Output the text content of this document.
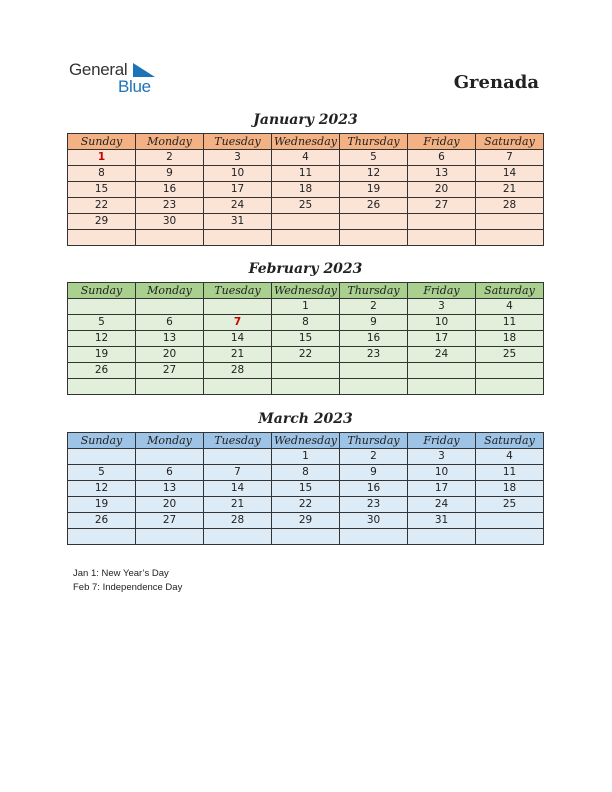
General
Blue	Grenada
January 2023
Sunday	Monday	Tuesday	Wednesday	Thursday	Friday	Saturday
1	2	3	4	5	6	7
8	9	10	11	12	13	14
15	16	17	18	19	20	21
22	23	24	25	26	27	28
29	30	31				

February 2023
Sunday	Monday	Tuesday	Wednesday	Thursday	Friday	Saturday
			1	2	3	4
5	6	7	8	9	10	11
12	13	14	15	16	17	18
19	20	21	22	23	24	25
26	27	28				

March 2023
Sunday	Monday	Tuesday	Wednesday	Thursday	Friday	Saturday
			1	2	3	4
5	6	7	8	9	10	11
12	13	14	15	16	17	18
19	20	21	22	23	24	25
26	27	28	29	30	31	

Jan 1: New Year’s Day
Feb 7: Independence Day
